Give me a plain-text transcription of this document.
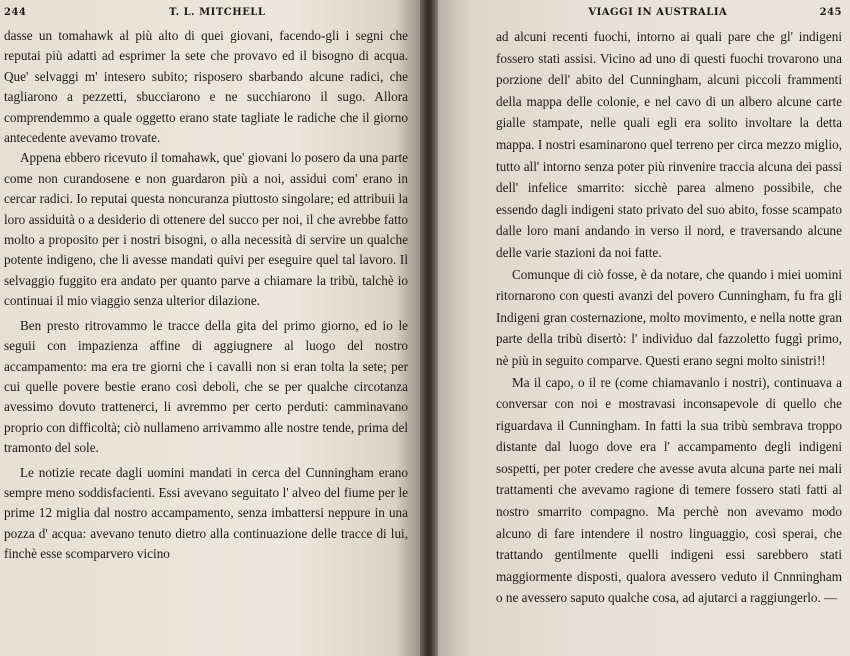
244	T. L. MITCHELL

dasse un tomahawk al più alto di quei giovani, facendo-gli i segni che reputai più adatti ad esprimer la sete che provavo ed il bisogno di acqua. Que' selvaggi m' intesero subito; risposero sbarbando alcune radici, che tagliarono a pezzetti, sbucciarono e ne succhiarono il sugo. Allora comprendemmo a quale oggetto erano state tagliate le radiche che il giorno antecedente avevamo trovate.

Appena ebbero ricevuto il tomahawk, que' giovani lo posero da una parte come non curandosene e non guardaron più a noi, assidui com' erano in cercar radici. Io reputai questa noncuranza piuttosto singolare; ed attribuii la loro assiduità o a desiderio di ottenere del succo per noi, il che avrebbe fatto molto a proposito per i nostri bisogni, o alla necessità di servire un qualche potente indigeno, che li avesse mandati quivi per eseguire quel tal lavoro. Il selvaggio fuggito era andato per quanto parve a chiamare la tribù, talchè io continuai il mio viaggio senza ulterior dilazione.

Ben presto ritrovammo le tracce della gita del primo giorno, ed io le seguii con impazienza affine di aggiugnere al luogo del nostro accampamento: ma era tre giorni che i cavalli non si eran tolta la sete; per cui quelle povere bestie erano così deboli, che se per qualche circotanza avessimo dovuto trattenerci, li avremmo per certo perduti: camminavano proprio con difficoltà; ciò nullameno arrivammo alle nostre tende, prima del tramonto del sole.

Le notizie recate dagli uomini mandati in cerca del Cunningham erano sempre meno soddisfacienti. Essi avevano seguitato l' alveo del fiume per le prime 12 miglia dal nostro accampamento, senza imbattersi neppure in una pozza d' acqua: avevano tenuto dietro alla continuazione delle tracce di lui, finchè esse scomparvero vicino

VIAGGI IN AUSTRALIA	245

ad alcuni recenti fuochi, intorno ai quali pare che gl' indigeni fossero stati assisi. Vicino ad uno di questi fuochi trovarono una porzione dell' abito del Cunningham, alcuni piccoli frammenti della mappa delle colonie, e nel cavo di un albero alcune carte gialle stampate, nelle quali egli era solito involtare la detta mappa. I nostri esaminarono quel terreno per circa mezzo miglio, tutto all' intorno senza poter più rinvenire traccia alcuna dei passi dell' infelice smarrito: sicchè parea almeno possibile, che essendo dagli indigeni stato privato del suo abito, fosse scampato dalle loro mani andando in verso il nord, e traversando alcune delle varie stazioni da noi fatte.

Comunque di ciò fosse, è da notare, che quando i miei uomini ritornarono con questi avanzi del povero Cunningham, fu fra gli Indigeni gran costernazione, molto movimento, e nella notte gran parte della tribù disertò: l' individuo dal fazzoletto fuggì primo, nè più in seguito comparve. Questi erano segni molto sinistri!!

Ma il capo, o il re (come chiamavanlo i nostri), continuava a conversar con noi e mostravasi inconsapevole di quello che riguardava il Cunningham. In fatti la sua tribù sembrava troppo distante dal luogo dove era l' accampamento degli indigeni sospetti, per poter credere che avesse avuta alcuna parte nei mali trattamenti che avevamo ragione di temere fossero stati fatti al nostro smarrito compagno. Ma perchè non avevamo modo alcuno di fare intendere il nostro linguaggio, così sperai, che trattando gentilmente quelli indigeni essi sarebbero stati maggiormente disposti, qualora avessero veduto il Cnnningham o ne avessero saputo qualche cosa, ad ajutarci a raggiungerlo. —
